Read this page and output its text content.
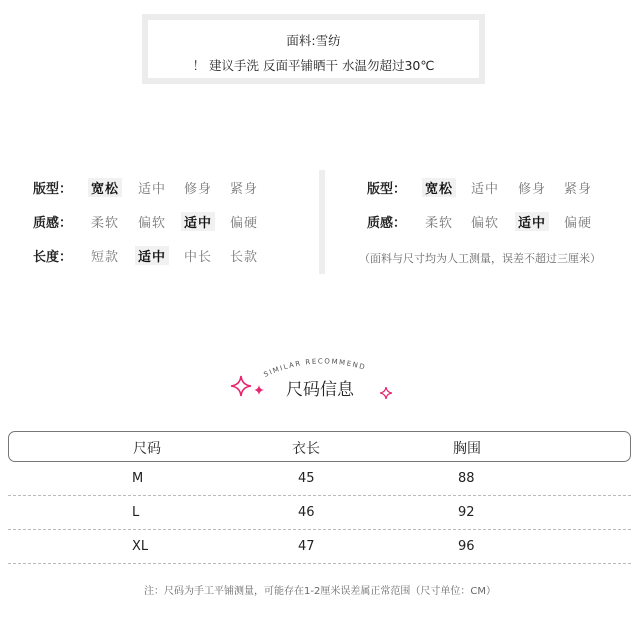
面料:雪纺
！ 建议手洗 反面平铺晒干 水温勿超过30℃
版型： 宽松 适中 修身 紧身
质感： 柔软 偏软 适中 偏硬
长度： 短款 适中 中长 长款
版型： 宽松 适中 修身 紧身
质感： 柔软 偏软 适中 偏硬
（面料与尺寸均为人工测量，误差不超过三厘米）
SIMILAR RECOMMEND
尺码信息
尺码	衣长	胸围
M	45	88
L	46	92
XL	47	96
注：尺码为手工平铺测量，可能存在1-2厘米误差属正常范围（尺寸单位：CM）
